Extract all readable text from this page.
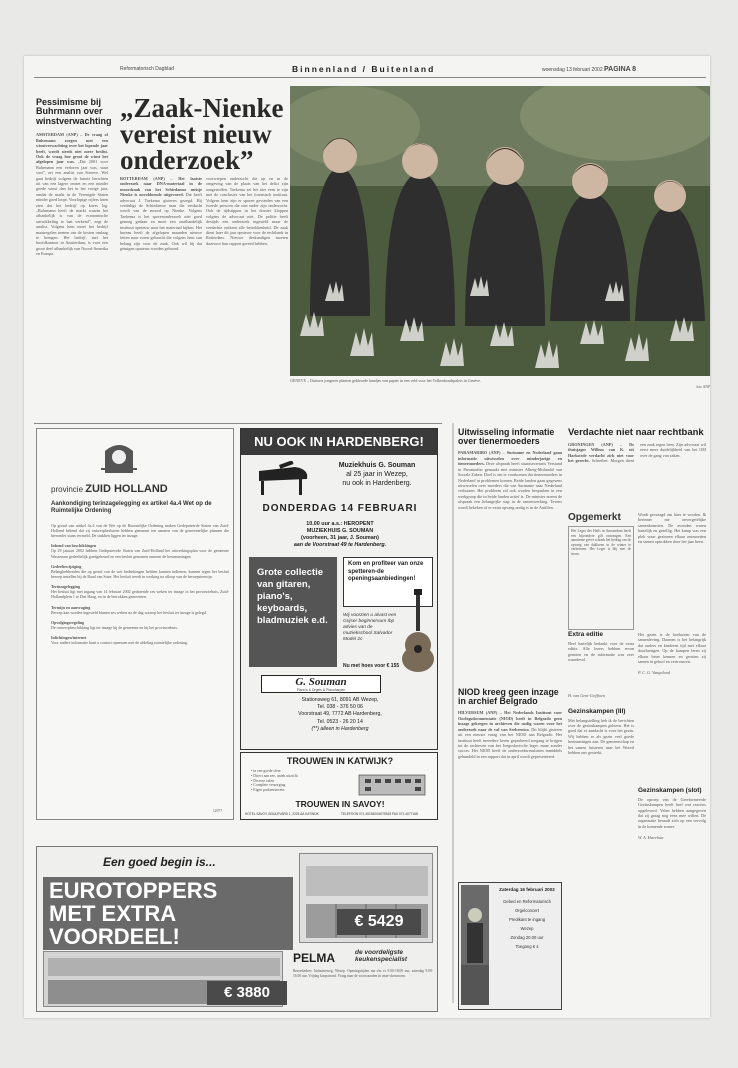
Reformatorisch Dagblad	Binnenland / Buitenland	woensdag 13 februari 2002 PAGINA 8
Pessimisme bij Buhrmann over winstverwachting
AMSTERDAM (ANP) – De vraag of Buhrmann zorgen met een winstverwachting over het lopende jaar heeft, wordt steeds niet meer beslist. Ook de vraag hoe groot de winst het afgelopen jaar was. „Dat 2001 voor Buhrmann een verloren jaar was, staat vast”, zei een analist van Stroeve. Wel gaat bedrijf volgens de laatste berichten uit van een lagere omzet en een minder goede winst dan het in het vorige jaar, omdat de markt in de Verenigde Staten minder goed loopt. Voorlopige cijfers laten zien dat het bedrijf op koers lag. „Buhrmann heeft de markt waarin het afhankelijk is van de economische ontwikkeling te laat verkend”, zegt de analist. Volgens hem moet het bedrijf maatregelen nemen om de kosten omlaag te brengen. Het bedrijf, met het hoofdkantoor in Amsterdam, is voor een groot deel afhankelijk van Noord-Amerika en Europa.
„Zaak-Nienke vereist nieuw onderzoek”
ROTTERDAM (ANP) – Het laatste onderzoek naar DNA-materiaal in de moordzaak van het Schiedamse meisje Nienke is onvoldoende uitgevoerd. Dat heeft advocaat J. Taekema gisteren gezegd. Hij verdedigt de Schiedamse man die verdacht wordt van de moord op Nienke. Volgens Taekema is het sporenonderzoek niet goed genoeg gedaan en moet een onafhankelijk instituut opnieuw naar het materiaal kijken. Het bureau heeft de afgelopen maanden nieuwe feiten naar voren gebracht die volgens hem van belang zijn voor de zaak. Ook wil hij dat getuigen opnieuw worden gehoord.
voorwerpen onderzocht die op en in de omgeving van de plaats van het delict zijn aangetroffen. Taekema zei het niet eens te zijn met de conclusies van het forensisch instituut. Volgens hem zijn er sporen gevonden van een tweede persoon die niet nader zijn onderzocht. Ook de tijdstippen in het dossier kloppen volgens de advocaat niet. De politie heeft destijds een onderzoek ingesteld maar de verdachte ontkent alle betrokkenheid. De zaak dient later dit jaar opnieuw voor de rechtbank in Rotterdam. Nieuwe deskundigen moeten daarvoor hun rapport gereed hebben.
GENEVE – Duitsers jongeren planten gekleurde handjes van papier in een veld voor het Volkenbondspaleis in Genève.
foto ANP
provincie ZUID HOLLAND
Aankondiging terinzagelegging ex artikel 4a.4 Wet op de Ruimtelijke Ordening
Op grond van artikel 4a.4 van de Wet op de Ruimtelijke Ordening maken Gedeputeerde Staten van Zuid-Holland bekend dat zij ontwerpbesluiten hebben genomen ten aanzien van de gemeentelijke plannen die hieronder staan vermeld. De stukken liggen ter inzage.

Inhoud van beschikkingen
Op 29 januari 2002 hebben Gedeputeerde Staten van Zuid-Holland het uitwerkingsplan voor de gemeente Wassenaar gedeeltelijk goedgekeurd en een besluit genomen omtrent de bestemmingen.

Gedeeltewijziging
Belanghebbenden die op grond van de wet bedenkingen hebben kunnen indienen, kunnen tegen het besluit beroep instellen bij de Raad van State. Het besluit treedt in werking na afloop van de beroepstermijn.

Terinzagelegging
Het besluit ligt met ingang van 14 februari 2002 gedurende zes weken ter inzage in het provinciehuis, Zuid-Hollandplein 1 te Den Haag, en in de betrokken gemeenten.

Termijn en aanvraging
Beroep kan worden ingesteld binnen zes weken na de dag waarop het besluit ter inzage is gelegd.

Opvolgingsregeling
De ontwerpbeschikking ligt ter inzage bij de gemeente en bij het provinciehuis.

Inlichtingen/internet
Voor nadere informatie kunt u contact opnemen met de afdeling ruimtelijke ordening.
12077
NU OOK IN HARDENBERG!
Muziekhuis G. Souman
al 25 jaar in Wezep,
nu ook in Hardenberg.
DONDERDAG 14 FEBRUARI
10.00 uur a.s.: HEROPENT
MUZIEKHUIS G. SOUMAN
(voorheen, 31 jaar, J. Souman)
aan de Voorstraat 49 te Hardenberg.
Grote collectie van gitaren, piano's, keyboards, bladmuziek e.d.
Kom en profiteer van onze spetteren-de openingsaanbiedingen!
Wij voorzien u alvast een Grijser beginnersum Ibp advies van de muziekschool Salvador Model 2c
Nu met hoes voor € 155
G. Souman
Piano's & Orgels & Pianoharpen
Stationsweg 61, 8091 AB Wezep,
Tel. 038 - 376 50 06
Voorstraat 49, 7772 AB Hardenberg,
Tel. 0523 - 26 20 14
(**) alleen in Hardenberg
TROUWEN IN KATWIJK?
• in een goede sfeer
• Direct aan zee, uniek uitzicht
• Diverse zalen
• Complete verzorging
• Eigen parkeerterrein
TROUWEN IN SAVOY!
HOTEL SAVOY, BOULEVARD 1, 2225 AA KATWIJK	TELEFOON 071-4019400/4075515 FAX 071-4077168
Een goed begin is...
EUROTOPPERS
MET EXTRA
VOORDEEL!
€ 5429
€ 3880
PELMA	de voordeligste keukenspecialist
Bezoekadres: Industrieweg, Wezep. Openingstijden ma t/m vr 9.00-18.00 uur, zaterdag 9.00-16.00 uur. Vrijdag koopavond. Vraag naar de voorwaarden in onze showroom.
Uitwisseling informatie over tienermoeders
PARAMARIBO (ANP) – Suriname en Nederland gaan informatie uitwisselen over minderjarige en tienermoeders. Deze afspraak heeft staatssecretaris Verstand in Paramaribo gemaakt met minister Alberg-Mohanlal van Sociale Zaken. Doel is om te voorkomen dat tienermoeders in Nederland in problemen komen. Beide landen gaan gegevens uitwisselen over moeders die van Suriname naar Nederland verhuizen. Het probleem zal ook worden besproken in een werkgroep die in beide landen actief is. De minister noemt de afspraak een belangrijke stap in de samenwerking. Tevens wordt bekeken of er extra opvang nodig is in de Antillen.
NIOD kreeg geen inzage in archief Belgrado
HILVERSUM (ANP) – Het Nederlands Instituut voor Oorlogsdocumentatie (NIOD) heeft in Belgrado geen inzage gekregen in archieven die nodig waren voor het onderzoek naar de val van Srebrenica. Dit blijkt gisteren uit een nieuwe vraag van het NIOD aan Belgrado. Het instituut heeft meerdere keren geprobeerd toegang te krijgen tot de archieven van het Joegoslavische leger, maar zonder succes. Het NIOD heeft de onderzoeksresultaten inmiddels gebundeld in een rapport dat in april wordt gepresenteerd.
Zaterdag 16 februari 2002
Gebed en Reformatorisch
Orgelconcert
Predikant te ingang
Wezep
Zondag 20.00 uur
Toegang € 4
Verdachte niet naar rechtbank
GRONINGEN (ANP) – De thuisjager Willem van K. uit Harkstede verdacht zich niet voor het gerecht. Schreiber. Morgen dient een zaak tegen hem. Zijn advocaat wil eerst meer duidelijkheid van het OM over de gang van zaken.
Opgemerkt
Het Leger des Heils in Amsterdam heeft een bijzondere gift ontvangen. Een anonieme gever schonk het bedrag om de opvang van daklozen in de winter te verbeteren. Het Leger is blij met de steun.
Wordt gevraagd om later te worden. Ik herinner me onvergetelijke samenkomsten. De avonden waren hartelijk en gezellig. Het kamp was een plek waar gezinnen elkaar ontmoetten en samen optrokken door het jaar heen.
Extra editie
Heel hartelijk bedankt voor de extra editie. Alle lezers hebben ervan genoten en de informatie was zeer waardevol.
H. van Gent-Griffioen
Gezinskampen (III)
Met belangstelling heb ik de berichten over de gezinskampen gelezen. Het is goed dat er aandacht is voor het gezin. Wij hebben er als gezin veel goede herinneringen aan. De gemeenschap en het samen luisteren naar het Woord hebben ons gesterkt.
Het gezin is de hoeksteen van de samenleving. Daarom is het belangrijk dat ouders en kinderen tijd met elkaar doorbrengen. Op de kampen leren zij elkaar beter kennen en groeien zij samen in geloof en vertrouwen.

P. C. G. Vangeland
Gezinskampen (slot)
De oproep van de Gereformeerde Gezinskampen heeft heel wat reacties opgeleverd. Velen hebben aangegeven dat zij graag nog eens mee willen. De organisatie beraadt zich op een vervolg in de komende zomer.

W. A. Havelaar
